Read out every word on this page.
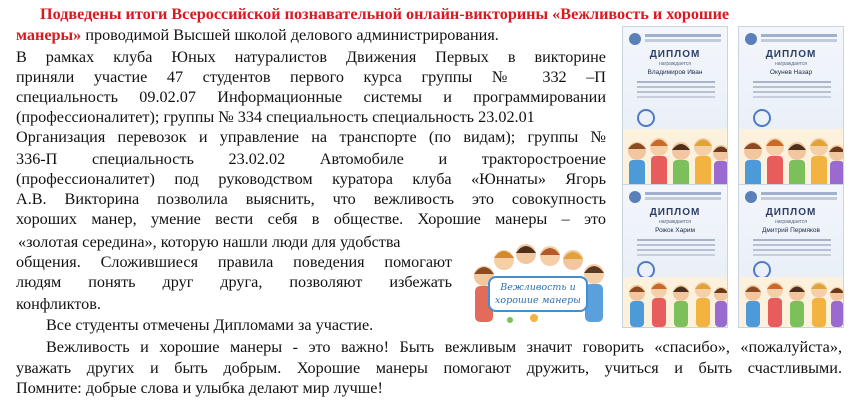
Подведены итоги Всероссийской познавательной онлайн-викторины «Вежливость и хорошие
манеры» проводимой Высшей школой делового администрирования.
В рамках клуба Юных натуралистов Движения Первых в викторине
приняли участие 47 студентов первого курса группы № 332 –П
специальность 09.02.07 Информационные системы и программировании
(профессионалитет); группы № 334 специальность специальность 23.02.01
Организация перевозок и управление на транспорте (по видам); группы №
336-П специальность 23.02.02 Автомобиле и тракторостроение
(профессионалитет) под руководством куратора клуба «Юннаты» Ягорь
А.В. Викторина позволила выяснить, что вежливость это совокупность
хороших манер, умение вести себя в обществе. Хорошие манеры – это
«золотая середина», которую нашли люди для удобства
общения. Сложившиеся правила поведения помогают
людям понять друг друга, позволяют избежать
конфликтов.
Все студенты отмечены Дипломами за участие.
Вежливость и хорошие манеры - это важно! Быть вежливым значит говорить «спасибо», «пожалуйста»,
уважать других и быть добрым. Хорошие манеры помогают дружить, учиться и быть счастливыми.
Помните: добрые слова и улыбка делают мир лучше!
ДИПЛОМ
награждается
Владимиров Иван
ДИПЛОМ
награждается
Окунев Назар
ДИПЛОМ
награждается
Рожок Харим
ДИПЛОМ
награждается
Дмитрий Пермяков
Вежливость и хорошие манеры
